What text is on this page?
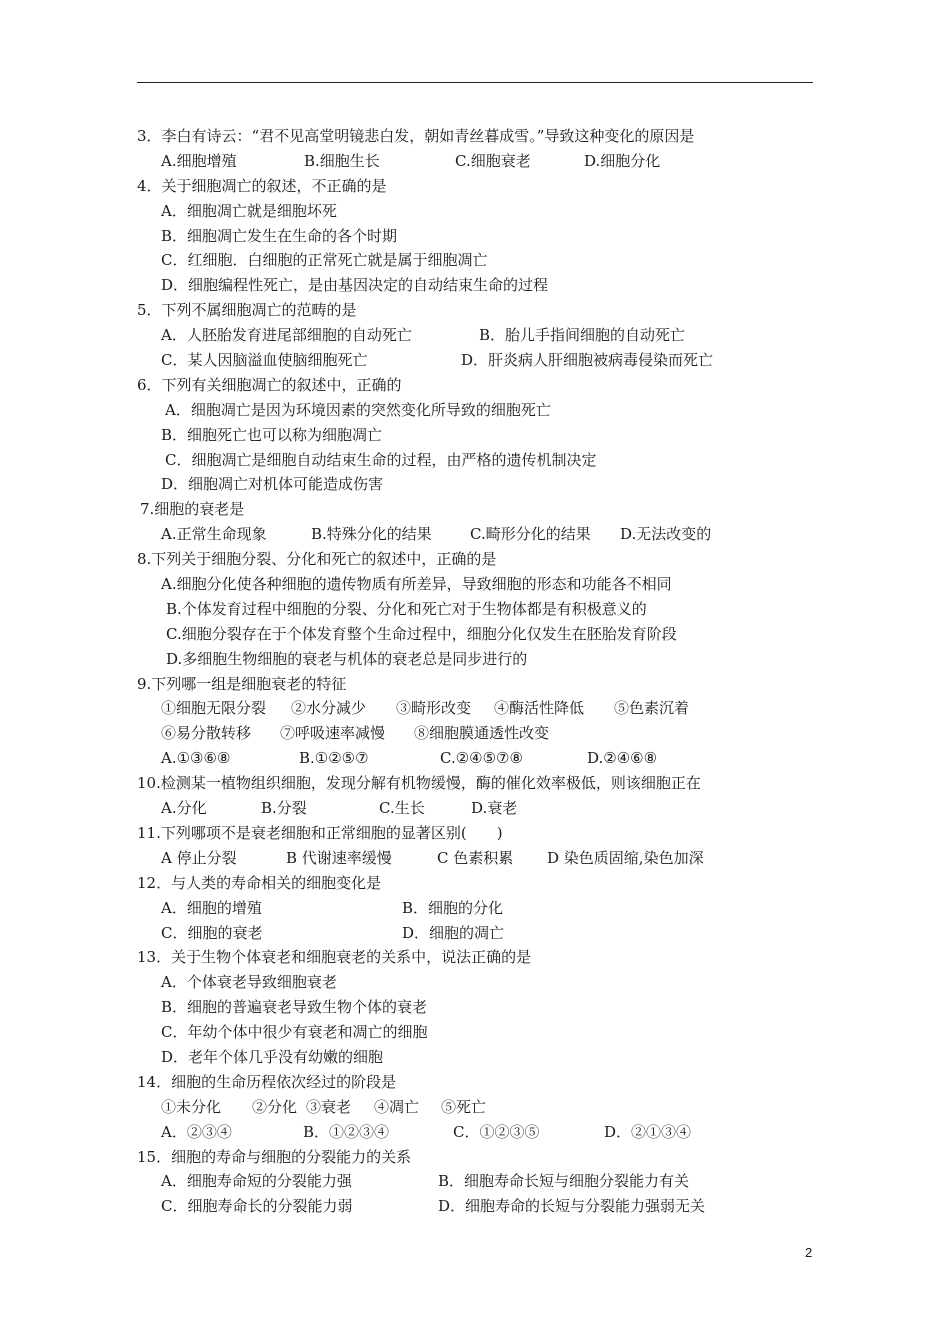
3．李白有诗云：“君不见高堂明镜悲白发，朝如青丝暮成雪。”导致这种变化的原因是
A.细胞增殖	B.细胞生长	C.细胞衰老	D.细胞分化
4．关于细胞凋亡的叙述，不正确的是
A．细胞凋亡就是细胞坏死
B．细胞凋亡发生在生命的各个时期
C．红细胞．白细胞的正常死亡就是属于细胞凋亡
D．细胞编程性死亡，是由基因决定的自动结束生命的过程
5．下列不属细胞凋亡的范畴的是
A．人胚胎发育进尾部细胞的自动死亡	B．胎儿手指间细胞的自动死亡
C．某人因脑溢血使脑细胞死亡	D．肝炎病人肝细胞被病毒侵染而死亡
6．下列有关细胞凋亡的叙述中，正确的
A．细胞凋亡是因为环境因素的突然变化所导致的细胞死亡
B．细胞死亡也可以称为细胞凋亡
C．细胞凋亡是细胞自动结束生命的过程，由严格的遗传机制决定
D．细胞凋亡对机体可能造成伤害
7.细胞的衰老是
A.正常生命现象	B.特殊分化的结果	C.畸形分化的结果 D.无法改变的
8.下列关于细胞分裂、分化和死亡的叙述中，正确的是
A.细胞分化使各种细胞的遗传物质有所差异，导致细胞的形态和功能各不相同
B.个体发育过程中细胞的分裂、分化和死亡对于生物体都是有积极意义的
C.细胞分裂存在于个体发育整个生命过程中，细胞分化仅发生在胚胎发育阶段
D.多细胞生物细胞的衰老与机体的衰老总是同步进行的
9.下列哪一组是细胞衰老的特征
①细胞无限分裂 ②水分减少 ③畸形改变 ④酶活性降低 ⑤色素沉着
⑥易分散转移 ⑦呼吸速率减慢 ⑧细胞膜通透性改变
A.①③⑥⑧	B.①②⑤⑦	C.②④⑤⑦⑧	D.②④⑥⑧
10.检测某一植物组织细胞，发现分解有机物缓慢，酶的催化效率极低，则该细胞正在
A.分化	B.分裂	C.生长	D.衰老
11.下列哪项不是衰老细胞和正常细胞的显著区别(　　)
A 停止分裂	B 代谢速率缓慢	C 色素积累 D 染色质固缩,染色加深
12．与人类的寿命相关的细胞变化是
A．细胞的增殖	B．细胞的分化
C．细胞的衰老	D．细胞的凋亡
13．关于生物个体衰老和细胞衰老的关系中，说法正确的是
A．个体衰老导致细胞衰老
B．细胞的普遍衰老导致生物个体的衰老
C．年幼个体中很少有衰老和凋亡的细胞
D．老年个体几乎没有幼嫩的细胞
14．细胞的生命历程依次经过的阶段是
①未分化 ②分化 ③衰老 ④凋亡 ⑤死亡
A．②③④	B．①②③④	C．①②③⑤	D．②①③④
15．细胞的寿命与细胞的分裂能力的关系
A．细胞寿命短的分裂能力强	B．细胞寿命长短与细胞分裂能力有关
C．细胞寿命长的分裂能力弱	D．细胞寿命的长短与分裂能力强弱无关
2
